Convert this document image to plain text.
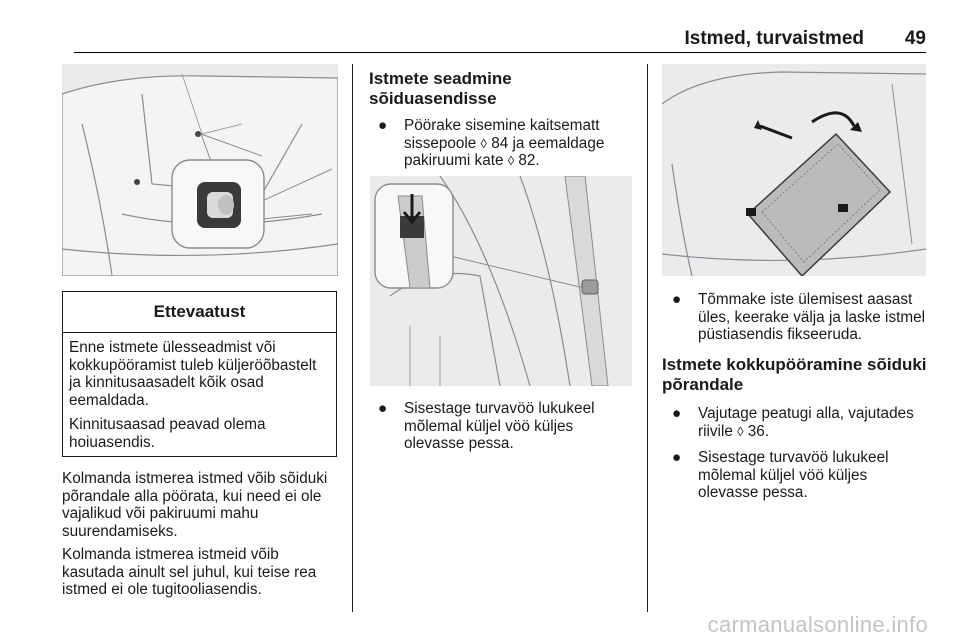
Istmed, turvaistmed 49
Ettevaatust

Enne istmete ülesseadmist või kokkupööramist tuleb külјeröõbastelt ja kinnitusaasadelt kõik osad eemaldada.

Kinnitusaasad peavad olema hoiuasendis.

Kolmanda istmerea istmed võib sõiduki põrandale alla pöörata, kui need ei ole vajalikud või pakiruumi mahu suurendamiseks.

Kolmanda istmerea istmeid võib kasutada ainult sel juhul, kui teise rea istmed ei ole tugitooliasendis.

Istmete seadmine sõiduasendisse

● Pöörake sisemine kaitsematt sissepoole ◊ 84 ja eemaldage pakiruumi kate ◊ 82.
● Sisestage turvavöö lukukeel mõlemal küljel vöö küljes olevasse pessa.
● Tõmmake iste ülemisest aasast üles, keerake välja ja laske istmel püstiasendis fikseeruda.

Istmete kokkupööramine sõiduki põrandale

● Vajutage peatugi alla, vajutades riivile ◊ 36.
● Sisestage turvavöö lukukeel mõlemal küljel vöö küljes olevasse pessa.
carmanualsonline.info
